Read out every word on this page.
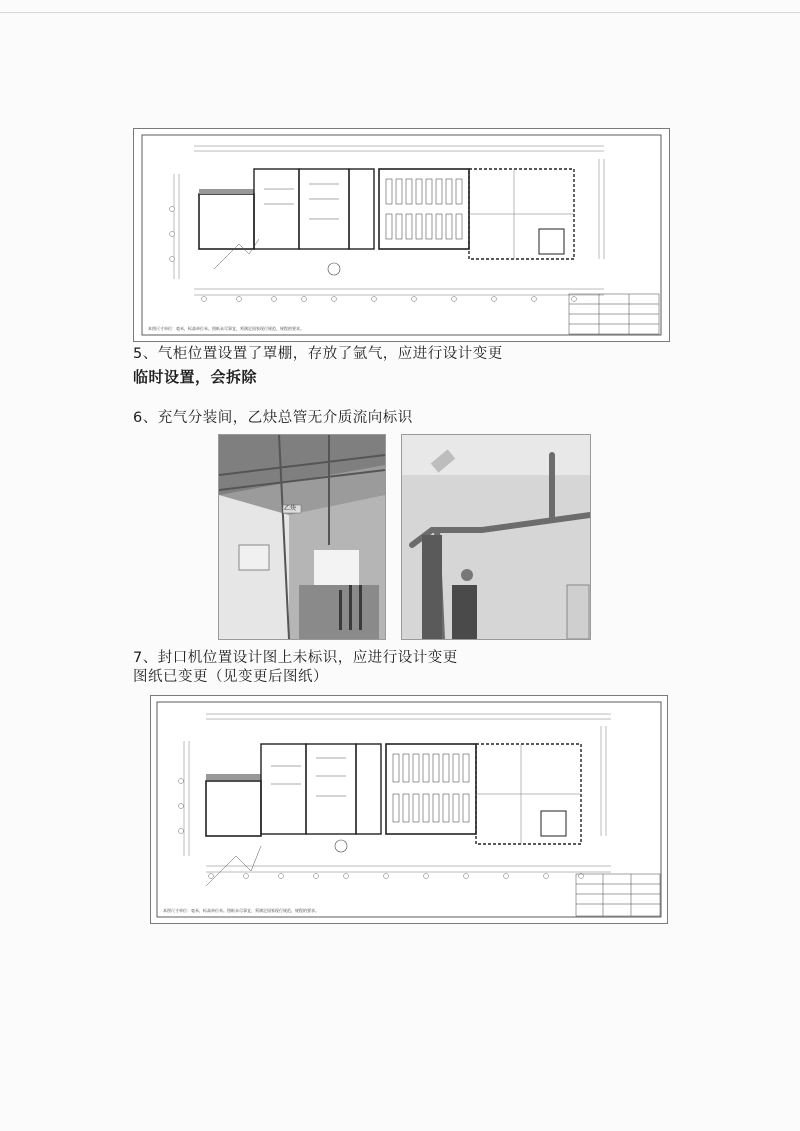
本图尺寸单位：毫米，标高单位米。图纸未尽事宜，须满足国家现行规范、规程的要求。
5、气柜位置设置了罩棚，存放了氩气，应进行设计变更
临时设置，会拆除
6、充气分装间，乙炔总管无介质流向标识
乙炔
7、封口机位置设计图上未标识，应进行设计变更
图纸已变更（见变更后图纸）
本图尺寸单位：毫米，标高单位米。图纸未尽事宜，须满足国家现行规范、规程的要求。
